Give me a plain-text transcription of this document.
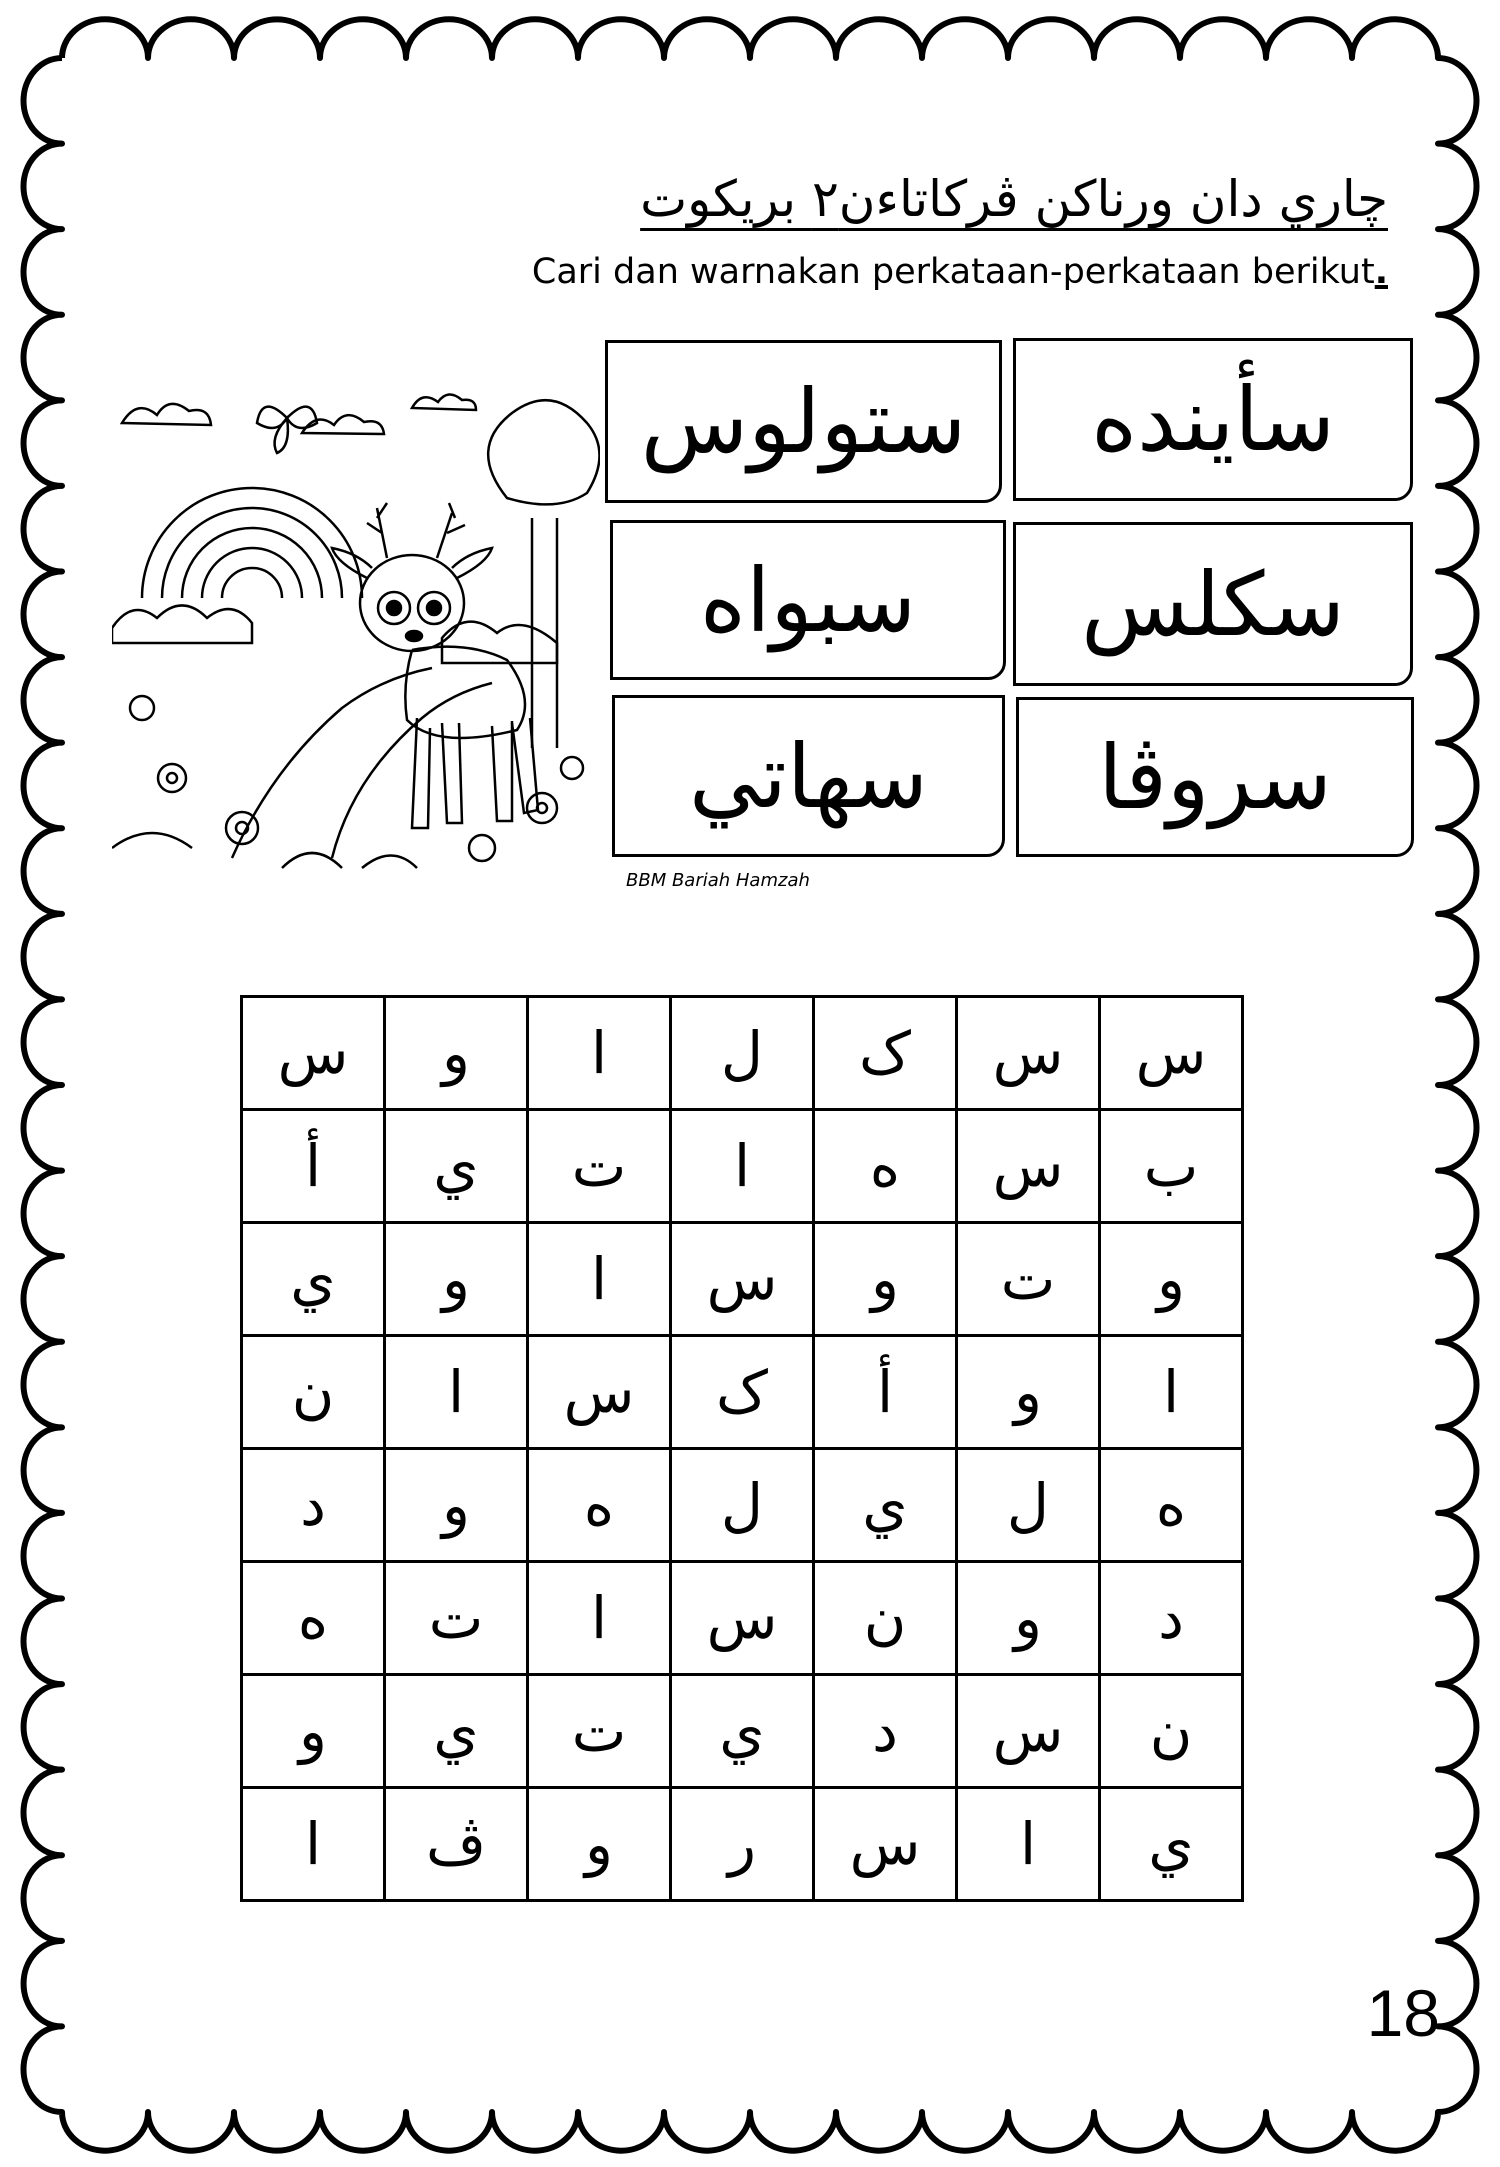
چاري دان ورناکن ڤرکاتاءن٢ بريکوت
Cari dan warnakan perkataan-perkataan berikut.
BBM Bariah Hamzah
سأينده
ستولوس
سکلس
سبواه
سروڤا
سهاتي
س	و	ا	ل	ک	س	س
أ	ي	ت	ا	ه	س	ب
ي	و	ا	س	و	ت	و
ن	ا	س	ک	أ	و	ا
د	و	ه	ل	ي	ل	ه
ه	ت	ا	س	ن	و	د
و	ي	ت	ي	د	س	ن
ا	ڤ	و	ر	س	ا	ي
18
